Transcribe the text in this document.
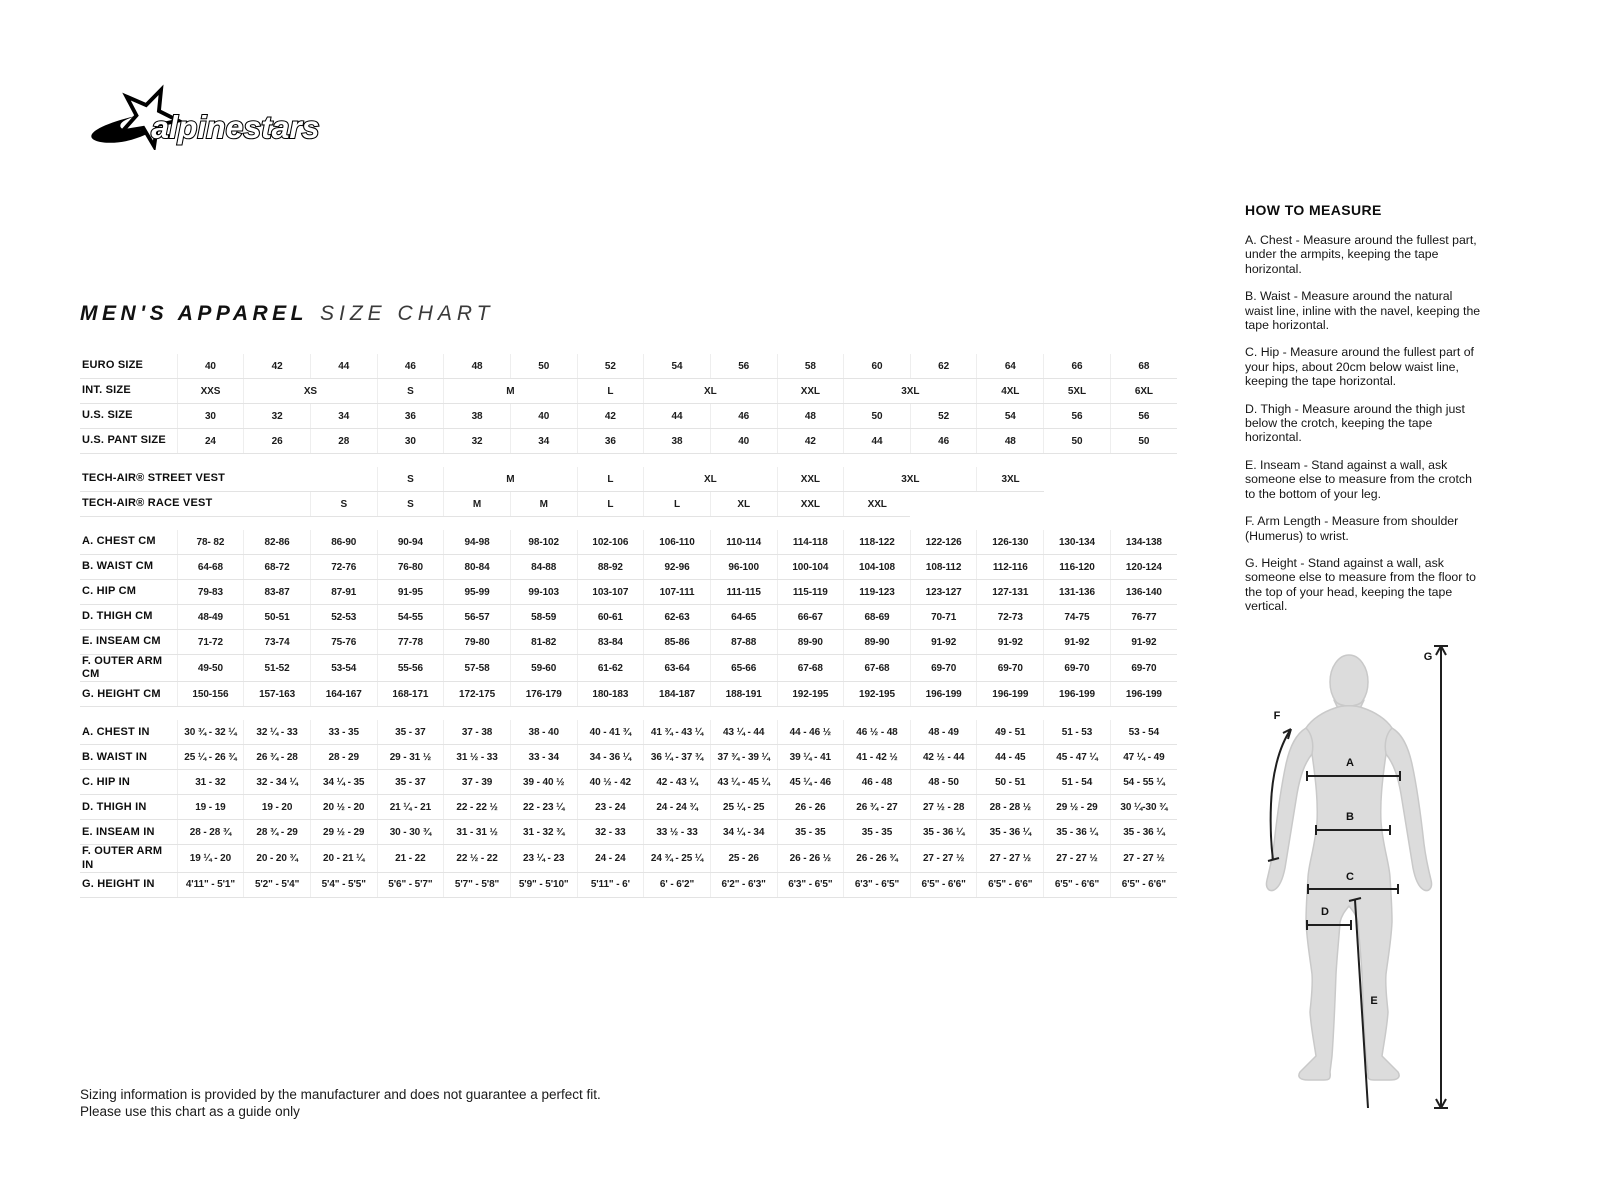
alpinestars
MEN'S APPAREL SIZE CHART
EURO SIZE	40	42	44	46	48	50	52	54	56	58	60	62	64	66	68
INT. SIZE	XXS	XS		S	M		L	XL		XXL	3XL		4XL	5XL	6XL
U.S. SIZE	30	32	34	36	38	40	42	44	46	48	50	52	54	56	56
U.S. PANT SIZE	24	26	28	30	32	34	36	38	40	42	44	46	48	50	50

TECH-AIR® STREET VEST				S	M		L	XL		XXL	3XL		3XL		
TECH-AIR® RACE VEST			S	S	M	M	L	L	XL	XXL	XXL				

A. CHEST CM	78- 82	82-86	86-90	90-94	94-98	98-102	102-106	106-110	110-114	114-118	118-122	122-126	126-130	130-134	134-138
B. WAIST CM	64-68	68-72	72-76	76-80	80-84	84-88	88-92	92-96	96-100	100-104	104-108	108-112	112-116	116-120	120-124
C. HIP CM	79-83	83-87	87-91	91-95	95-99	99-103	103-107	107-111	111-115	115-119	119-123	123-127	127-131	131-136	136-140
D. THIGH CM	48-49	50-51	52-53	54-55	56-57	58-59	60-61	62-63	64-65	66-67	68-69	70-71	72-73	74-75	76-77
E. INSEAM CM	71-72	73-74	75-76	77-78	79-80	81-82	83-84	85-86	87-88	89-90	89-90	91-92	91-92	91-92	91-92
F. OUTER ARM CM	49-50	51-52	53-54	55-56	57-58	59-60	61-62	63-64	65-66	67-68	67-68	69-70	69-70	69-70	69-70
G. HEIGHT CM	150-156	157-163	164-167	168-171	172-175	176-179	180-183	184-187	188-191	192-195	192-195	196-199	196-199	196-199	196-199

A. CHEST IN	30 ¾ - 32 ¼	32 ¼ - 33	33 - 35	35 - 37	37 - 38	38 - 40	40 - 41 ¾	41 ¾ - 43 ¼	43 ¼ - 44	44 - 46 ½	46 ½ - 48	48 - 49	49 - 51	51 - 53	53 - 54
B. WAIST IN	25 ¼ - 26 ¾	26 ¾ - 28	28 - 29	29 - 31 ½	31 ½ - 33	33 - 34	34 - 36 ¼	36 ¼ - 37 ¾	37 ¾ - 39 ¼	39 ¼ - 41	41 - 42 ½	42 ½ - 44	44 - 45	45 - 47 ¼	47 ¼ - 49
C. HIP IN	31 - 32	32 - 34 ¼	34 ¼ - 35	35 - 37	37 - 39	39 - 40 ½	40 ½ - 42	42 - 43 ¼	43 ¼ - 45 ¼	45 ¼ - 46	46 - 48	48 - 50	50 - 51	51 - 54	54 - 55 ¼
D. THIGH IN	19 - 19	19 - 20	20 ½ - 20	21 ¼ - 21	22 - 22 ½	22 - 23 ¼	23 - 24	24 - 24 ¾	25 ¼ - 25	26 - 26	26 ¾ - 27	27 ½ - 28	28 - 28 ½	29 ½ - 29	30 ¼-30 ¾
E. INSEAM IN	28 - 28 ¾	28 ¾ - 29	29 ½ - 29	30 - 30 ¾	31 - 31 ½	31 - 32 ¾	32 - 33	33 ½ - 33	34 ¼ - 34	35 - 35	35 - 35	35 - 36 ¼	35 - 36 ¼	35 - 36 ¼	35 - 36 ¼
F. OUTER ARM IN	19 ¼ - 20	20 - 20 ¾	20 - 21 ¼	21 - 22	22 ½ - 22	23 ¼ - 23	24 - 24	24 ¾ - 25 ¼	25 - 26	26 - 26 ½	26 - 26 ¾	27 - 27 ½	27 - 27 ½	27 - 27 ½	27 - 27 ½
G. HEIGHT IN	4'11" - 5'1"	5'2" - 5'4"	5'4" - 5'5"	5'6" - 5'7"	5'7" - 5'8"	5'9" - 5'10"	5'11" - 6'	6' - 6'2"	6'2" - 6'3"	6'3" - 6'5"	6'3" - 6'5"	6'5" - 6'6"	6'5" - 6'6"	6'5" - 6'6"	6'5" - 6'6"
HOW TO MEASURE

A. Chest - Measure around the fullest part, under the armpits, keeping the tape horizontal.

B. Waist - Measure around the natural waist line, inline with the navel, keeping the tape horizontal.

C. Hip - Measure around the fullest part of your hips, about 20cm below waist line, keeping the tape horizontal.

D. Thigh - Measure around the thigh just below the crotch, keeping the tape horizontal.

E. Inseam - Stand against a wall, ask someone else to measure from the crotch to the bottom of your leg.

F. Arm Length - Measure from shoulder (Humerus) to wrist.

G. Height - Stand against a wall, ask someone else to measure from the floor to the top of your head, keeping the tape vertical.

A
B
C
D
E
F
G
Sizing information is provided by the manufacturer and does not guarantee a perfect fit.
Please use this chart as a guide only
